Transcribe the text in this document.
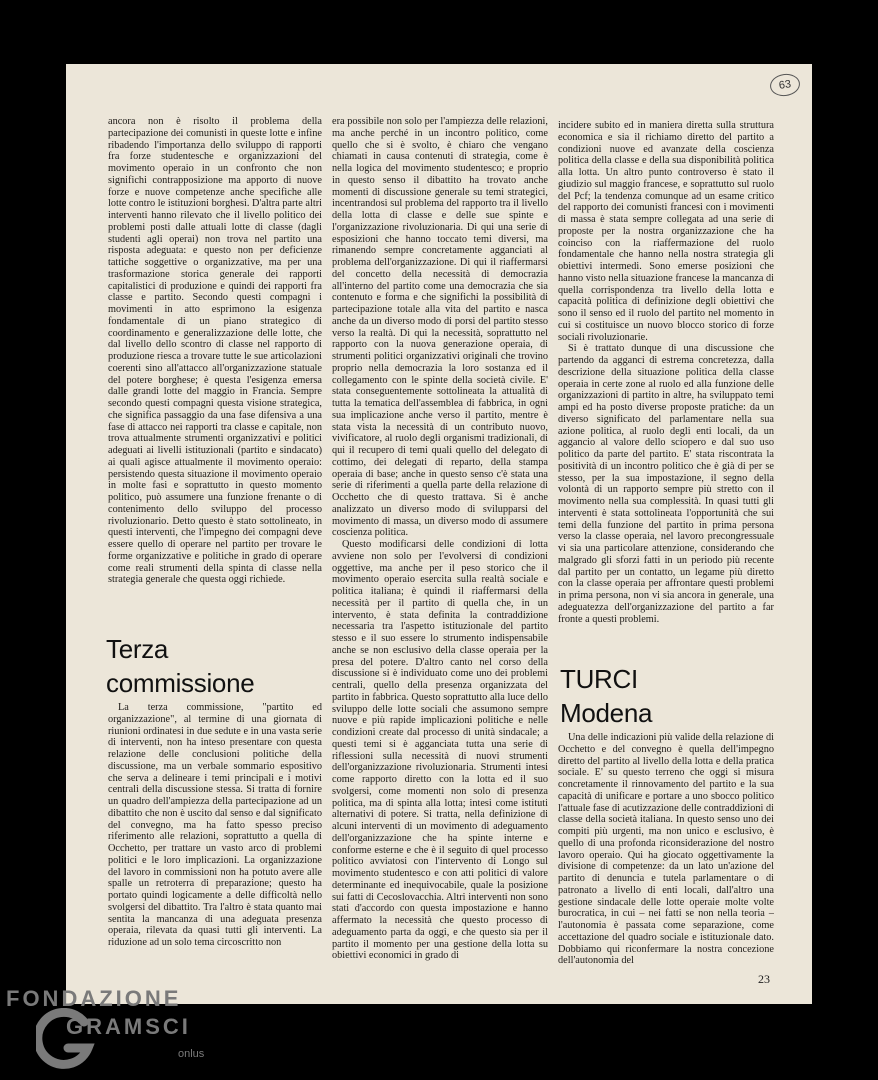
63

ancora non è risolto il problema della partecipazione dei comunisti in queste lotte e infine ribadendo l'importanza dello sviluppo di rapporti fra forze studentesche e organizzazioni del movimento operaio in un confronto che non significhi contrapposizione ma apporto di nuove forze e nuove competenze anche specifiche alle lotte contro le istituzioni borghesi. D'altra parte altri interventi hanno rilevato che il livello politico dei problemi posti dalle attuali lotte di classe (dagli studenti agli operai) non trova nel partito una risposta adeguata: e questo non per deficienze tattiche soggettive o organizzative, ma per una trasformazione storica generale dei rapporti capitalistici di produzione e quindi dei rapporti fra classe e partito. Secondo questi compagni i movimenti in atto esprimono la esigenza fondamentale di un piano strategico di coordinamento e generalizzazione delle lotte, che dal livello dello scontro di classe nel rapporto di produzione riesca a trovare tutte le sue articolazioni coerenti sino all'attacco all'organizzazione statuale del potere borghese; è questa l'esigenza emersa dalle grandi lotte del maggio in Francia. Sempre secondo questi compagni questa visione strategica, che significa passaggio da una fase difensiva a una fase di attacco nei rapporti tra classe e capitale, non trova attualmente strumenti organizzativi e politici adeguati ai livelli istituzionali (partito e sindacato) ai quali agisce attualmente il movimento operaio: persistendo questa situazione il movimento operaio in molte fasi e soprattutto in questo momento politico, può assumere una funzione frenante o di contenimento dello sviluppo del processo rivoluzionario. Detto questo è stato sottolineato, in questi interventi, che l'impegno dei compagni deve essere quello di operare nel partito per trovare le forme organizzative e politiche in grado di operare come reali strumenti della spinta di classe nella strategia generale che questa oggi richiede.

Terza commissione

La terza commissione, "partito ed organizzazione", al termine di una giornata di riunioni ordinatesi in due sedute e in una vasta serie di interventi, non ha inteso presentare con questa relazione delle conclusioni politiche della discussione, ma un verbale sommario espositivo che serva a delineare i temi principali e i motivi centrali della discussione stessa. Si tratta di fornire un quadro dell'ampiezza della partecipazione ad un dibattito che non è uscito dal senso e dal significato del convegno, ma ha fatto spesso preciso riferimento alle relazioni, soprattutto a quella di Occhetto, per trattare un vasto arco di problemi politici e le loro implicazioni. La organizzazione del lavoro in commissioni non ha potuto avere alle spalle un retroterra di preparazione; questo ha portato quindi logicamente a delle difficoltà nello svolgersi del dibattito. Tra l'altro è stata quanto mai sentita la mancanza di una adeguata presenza operaia, rilevata da quasi tutti gli interventi. La riduzione ad un solo tema circoscritto non

era possibile non solo per l'ampiezza delle relazioni, ma anche perché in un incontro politico, come quello che si è svolto, è chiaro che vengano chiamati in causa contenuti di strategia, come è nella logica del movimento studentesco; e proprio in questo senso il dibattito ha trovato anche momenti di discussione generale su temi strategici, incentrandosi sul problema del rapporto tra il livello della lotta di classe e delle sue spinte e l'organizzazione rivoluzionaria. Di qui una serie di esposizioni che hanno toccato temi diversi, ma rimanendo sempre concretamente agganciati al problema dell'organizzazione. Di qui il riaffermarsi del concetto della necessità di democrazia all'interno del partito come una democrazia che sia contenuto e forma e che significhi la possibilità di partecipazione totale alla vita del partito e nasca anche da un diverso modo di porsi del partito stesso verso la realtà. Di qui la necessità, soprattutto nel rapporto con la nuova generazione operaia, di strumenti politici organizzativi originali che trovino proprio nella democrazia la loro sostanza ed il collegamento con le spinte della società civile. E' stata conseguentemente sottolineata la attualità di tutta la tematica dell'assemblea di fabbrica, in ogni sua implicazione anche verso il partito, mentre è stata vista la necessità di un contributo nuovo, vivificatore, al ruolo degli organismi tradizionali, di qui il recupero di temi quali quello del delegato di cottimo, dei delegati di reparto, della stampa operaia di base; anche in questo senso c'è stata una serie di riferimenti a quella parte della relazione di Occhetto che di questo trattava. Si è anche analizzato un diverso modo di svilupparsi del movimento di massa, un diverso modo di assumere coscienza politica.

Questo modificarsi delle condizioni di lotta avviene non solo per l'evolversi di condizioni oggettive, ma anche per il peso storico che il movimento operaio esercita sulla realtà sociale e politica italiana; è quindi il riaffermarsi della necessità per il partito di quella che, in un intervento, è stata definita la contraddizione necessaria tra l'aspetto istituzionale del partito stesso e il suo essere lo strumento indispensabile anche se non esclusivo della classe operaia per la presa del potere. D'altro canto nel corso della discussione si è individuato come uno dei problemi centrali, quello della presenza organizzata del partito in fabbrica. Questo soprattutto alla luce dello sviluppo delle lotte sociali che assumono sempre nuove e più rapide implicazioni politiche e nelle condizioni create dal processo di unità sindacale; a questi temi si è agganciata tutta una serie di riflessioni sulla necessità di nuovi strumenti dell'organizzazione rivoluzionaria. Strumenti intesi come rapporto diretto con la lotta ed il suo svolgersi, come momenti non solo di presenza politica, ma di spinta alla lotta; intesi come istituti alternativi di potere. Si tratta, nella definizione di alcuni interventi di un movimento di adeguamento dell'organizzazione che ha spinte interne e conforme esterne e che è il seguito di quel processo politico avviatosi con l'intervento di Longo sul movimento studentesco e con atti politici di valore determinante ed inequivocabile, quale la posizione sui fatti di Cecoslovacchia. Altri interventi non sono stati d'accordo con questa impostazione e hanno affermato la necessità che questo processo di adeguamento parta da oggi, e che questo sia per il partito il momento per una gestione della lotta su obiettivi economici in grado di

incidere subito ed in maniera diretta sulla struttura economica e sia il richiamo diretto del partito a condizioni nuove ed avanzate della coscienza politica della classe e della sua disponibilità politica alla lotta. Un altro punto controverso è stato il giudizio sul maggio francese, e soprattutto sul ruolo del Pcf; la tendenza comunque ad un esame critico del rapporto dei comunisti francesi con i movimenti di massa è stata sempre collegata ad una serie di proposte per la nostra organizzazione che ha coinciso con la riaffermazione del ruolo fondamentale che hanno nella nostra strategia gli obiettivi intermedi. Sono emerse posizioni che hanno visto nella situazione francese la mancanza di quella corrispondenza tra livello della lotta e capacità politica di definizione degli obiettivi che sono il senso ed il ruolo del partito nel momento in cui si costituisce un nuovo blocco storico di forze sociali rivoluzionarie.

Si è trattato dunque di una discussione che partendo da agganci di estrema concretezza, dalla descrizione della situazione politica della classe operaia in certe zone al ruolo ed alla funzione delle organizzazioni di partito in altre, ha sviluppato temi ampi ed ha posto diverse proposte pratiche: da un diverso significato del parlamentare nella sua azione politica, al ruolo degli enti locali, da un aggancio al valore dello sciopero e dal suo uso politico da parte del partito. E' stata riscontrata la positività di un incontro politico che è già di per se stesso, per la sua impostazione, il segno della volontà di un rapporto sempre più stretto con il movimento nella sua complessità. In quasi tutti gli interventi è stata sottolineata l'opportunità che sui temi della funzione del partito in prima persona verso la classe operaia, nel lavoro precongressuale vi sia una particolare attenzione, considerando che malgrado gli sforzi fatti in un periodo più recente dal partito per un contatto, un legame più diretto con la classe operaia per affrontare questi problemi in prima persona, non vi sia ancora in generale, una adeguatezza dell'organizzazione del partito a far fronte a questi problemi.

TURCI Modena

Una delle indicazioni più valide della relazione di Occhetto e del convegno è quella dell'impegno diretto del partito al livello della lotta e della pratica sociale. E' su questo terreno che oggi si misura concretamente il rinnovamento del partito e la sua capacità di unificare e portare a uno sbocco politico l'attuale fase di acutizzazione delle contraddizioni di classe della società italiana. In questo senso uno dei compiti più urgenti, ma non unico e esclusivo, è quello di una profonda riconsiderazione del nostro lavoro operaio. Qui ha giocato oggettivamente la divisione di competenze: da un lato un'azione del partito di denuncia e tutela parlamentare o di patronato a livello di enti locali, dall'altro una gestione sindacale delle lotte operaie molte volte burocratica, in cui – nei fatti se non nella teoria – l'autonomia è passata come separazione, come accettazione del quadro sociale e istituzionale dato. Dobbiamo qui riconfermare la nostra concezione dell'autonomia del

23
FONDAZIONE
GRAMSCI
onlus
